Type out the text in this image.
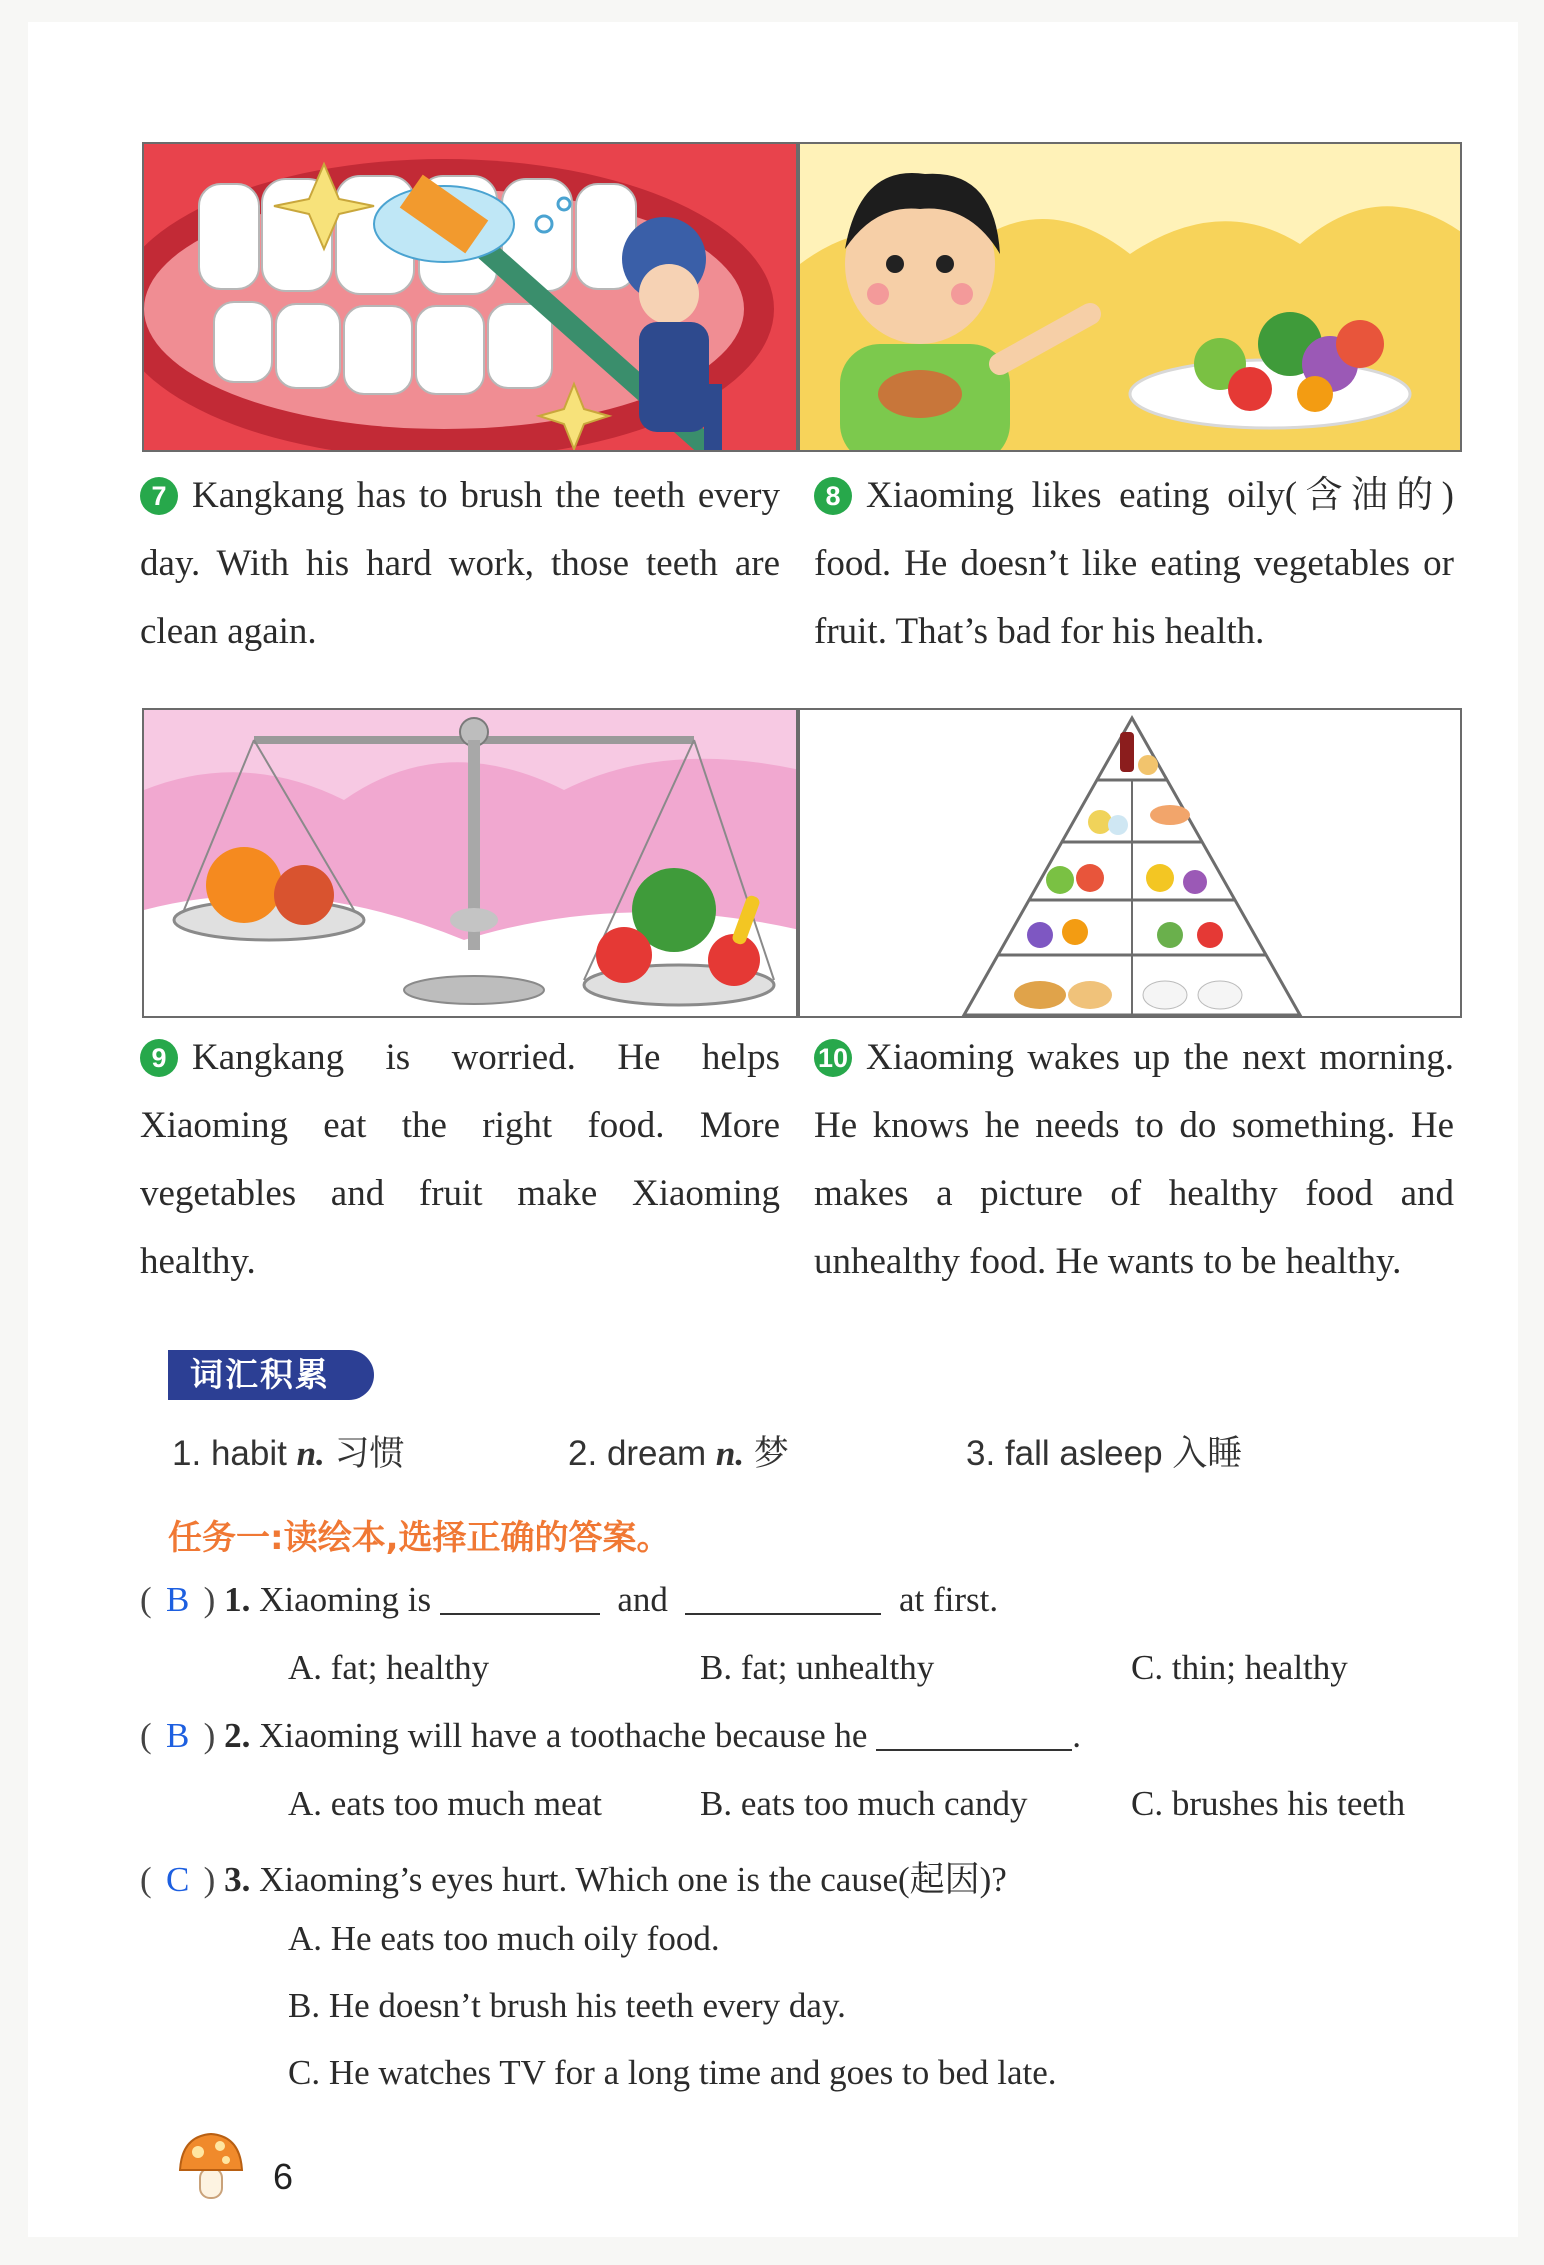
7 Kangkang has to brush the teeth every day. With his hard work, those teeth are clean again.
8 Xiaoming likes eating oily(含油的) food. He doesn’t like eating vegetables or fruit. That’s bad for his health.
9 Kangkang is worried. He helps Xiaoming eat the right food. More vegetables and fruit make Xiaoming healthy.
10 Xiaoming wakes up the next morning. He knows he needs to do something. He makes a picture of healthy food and unhealthy food. He wants to be healthy.
词汇积累
1. habit n. 习惯	2. dream n. 梦	3. fall asleep 入睡
任务一:读绘本,选择正确的答案。
( B ) 1. Xiaoming is	and	at first.
A. fat; healthy	B. fat; unhealthy	C. thin; healthy
( B ) 2. Xiaoming will have a toothache because he	.
A. eats too much meat	B. eats too much candy	C. brushes his teeth
( C ) 3. Xiaoming’s eyes hurt. Which one is the cause(起因)?
A. He eats too much oily food.
B. He doesn’t brush his teeth every day.
C. He watches TV for a long time and goes to bed late.
6
